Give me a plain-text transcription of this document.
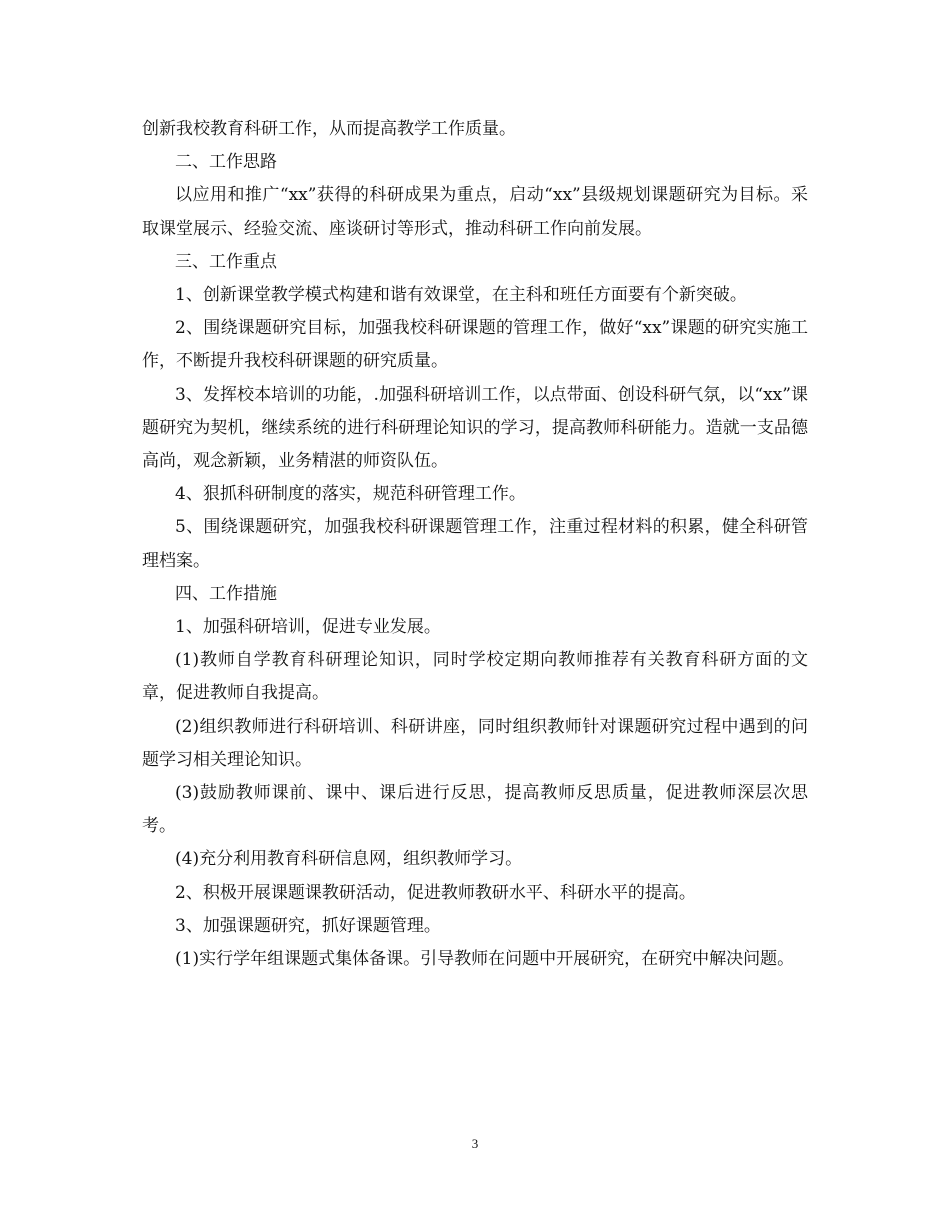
创新我校教育科研工作，从而提高教学工作质量。

二、工作思路

以应用和推广“xx”获得的科研成果为重点，启动“xx”县级规划课题研究为目标。采取课堂展示、经验交流、座谈研讨等形式，推动科研工作向前发展。

三、工作重点

1、创新课堂教学模式构建和谐有效课堂，在主科和班任方面要有个新突破。

2、围绕课题研究目标，加强我校科研课题的管理工作，做好“xx”课题的研究实施工作，不断提升我校科研课题的研究质量。

3、发挥校本培训的功能，.加强科研培训工作，以点带面、创设科研气氛，以“xx”课题研究为契机，继续系统的进行科研理论知识的学习，提高教师科研能力。造就一支品德高尚，观念新颖，业务精湛的师资队伍。

4、狠抓科研制度的落实，规范科研管理工作。

5、围绕课题研究，加强我校科研课题管理工作，注重过程材料的积累，健全科研管理档案。

四、工作措施

1、加强科研培训，促进专业发展。

(1)教师自学教育科研理论知识，同时学校定期向教师推荐有关教育科研方面的文章，促进教师自我提高。

(2)组织教师进行科研培训、科研讲座，同时组织教师针对课题研究过程中遇到的问题学习相关理论知识。

(3)鼓励教师课前、课中、课后进行反思，提高教师反思质量，促进教师深层次思考。

(4)充分利用教育科研信息网，组织教师学习。

2、积极开展课题课教研活动，促进教师教研水平、科研水平的提高。

3、加强课题研究，抓好课题管理。

(1)实行学年组课题式集体备课。引导教师在问题中开展研究，在研究中解决问题。

3
